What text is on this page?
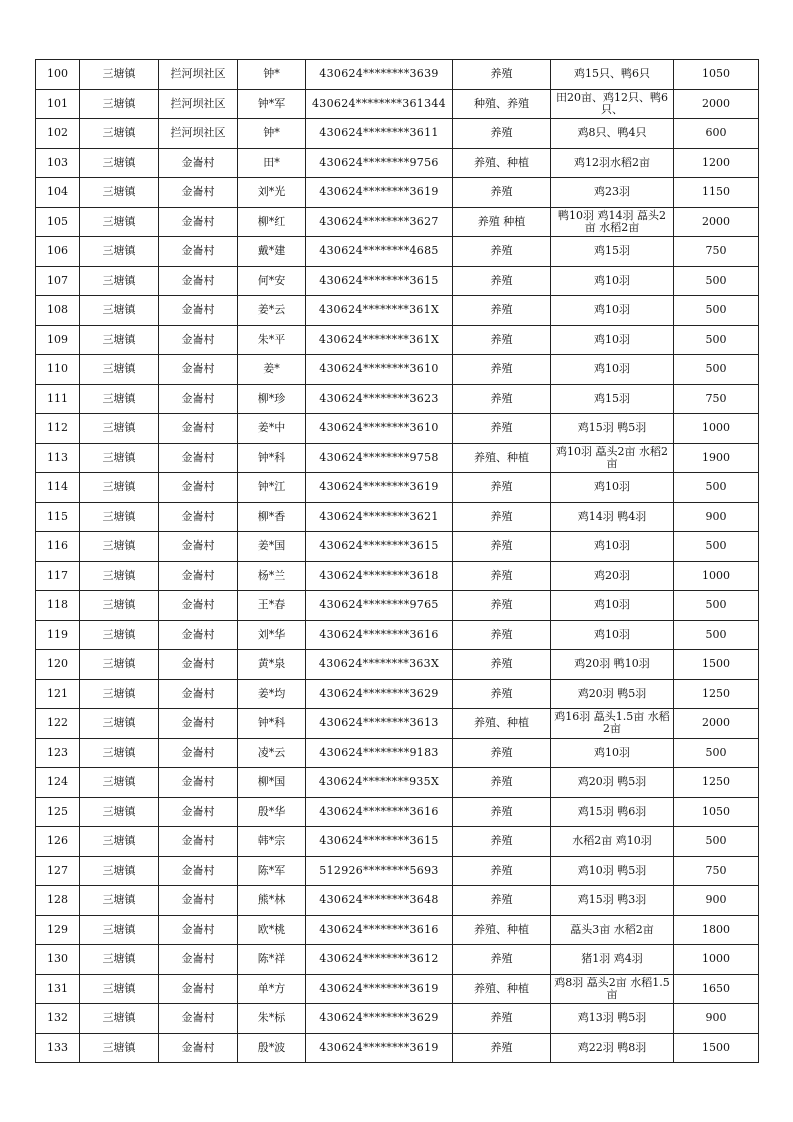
100	三塘镇	拦河坝社区	钟*	430624********3639	养殖	鸡15只、鸭6只	1050
101	三塘镇	拦河坝社区	钟*军	430624********361344	种殖、养殖	田20亩、鸡12只、鸭6只、	2000
102	三塘镇	拦河坝社区	钟*	430624********3611	养殖	鸡8只、鸭4只	600
103	三塘镇	金崙村	田*	430624********9756	养殖、种植	鸡12羽水稻2亩	1200
104	三塘镇	金崙村	刘*光	430624********3619	养殖	鸡23羽	1150
105	三塘镇	金崙村	柳*红	430624********3627	养殖 种植	鸭10羽 鸡14羽 藠头2亩 水稻2亩	2000
106	三塘镇	金崙村	戴*建	430624********4685	养殖	鸡15羽	750
107	三塘镇	金崙村	何*安	430624********3615	养殖	鸡10羽	500
108	三塘镇	金崙村	姜*云	430624********361X	养殖	鸡10羽	500
109	三塘镇	金崙村	朱*平	430624********361X	养殖	鸡10羽	500
110	三塘镇	金崙村	姜*	430624********3610	养殖	鸡10羽	500
111	三塘镇	金崙村	柳*珍	430624********3623	养殖	鸡15羽	750
112	三塘镇	金崙村	姜*中	430624********3610	养殖	鸡15羽 鸭5羽	1000
113	三塘镇	金崙村	钟*科	430624********9758	养殖、种植	鸡10羽 藠头2亩 水稻2亩	1900
114	三塘镇	金崙村	钟*江	430624********3619	养殖	鸡10羽	500
115	三塘镇	金崙村	柳*香	430624********3621	养殖	鸡14羽 鸭4羽	900
116	三塘镇	金崙村	姜*国	430624********3615	养殖	鸡10羽	500
117	三塘镇	金崙村	杨*兰	430624********3618	养殖	鸡20羽	1000
118	三塘镇	金崙村	王*春	430624********9765	养殖	鸡10羽	500
119	三塘镇	金崙村	刘*华	430624********3616	养殖	鸡10羽	500
120	三塘镇	金崙村	黄*泉	430624********363X	养殖	鸡20羽 鸭10羽	1500
121	三塘镇	金崙村	姜*均	430624********3629	养殖	鸡20羽 鸭5羽	1250
122	三塘镇	金崙村	钟*科	430624********3613	养殖、种植	鸡16羽 藠头1.5亩 水稻2亩	2000
123	三塘镇	金崙村	凌*云	430624********9183	养殖	鸡10羽	500
124	三塘镇	金崙村	柳*国	430624********935X	养殖	鸡20羽 鸭5羽	1250
125	三塘镇	金崙村	殷*华	430624********3616	养殖	鸡15羽 鸭6羽	1050
126	三塘镇	金崙村	韩*宗	430624********3615	养殖	水稻2亩 鸡10羽	500
127	三塘镇	金崙村	陈*军	512926********5693	养殖	鸡10羽 鸭5羽	750
128	三塘镇	金崙村	熊*林	430624********3648	养殖	鸡15羽 鸭3羽	900
129	三塘镇	金崙村	欧*桃	430624********3616	养殖、种植	藠头3亩 水稻2亩	1800
130	三塘镇	金崙村	陈*祥	430624********3612	养殖	猪1羽 鸡4羽	1000
131	三塘镇	金崙村	单*方	430624********3619	养殖、种植	鸡8羽 藠头2亩 水稻1.5亩	1650
132	三塘镇	金崙村	朱*标	430624********3629	养殖	鸡13羽 鸭5羽	900
133	三塘镇	金崙村	殷*波	430624********3619	养殖	鸡22羽 鸭8羽	1500
